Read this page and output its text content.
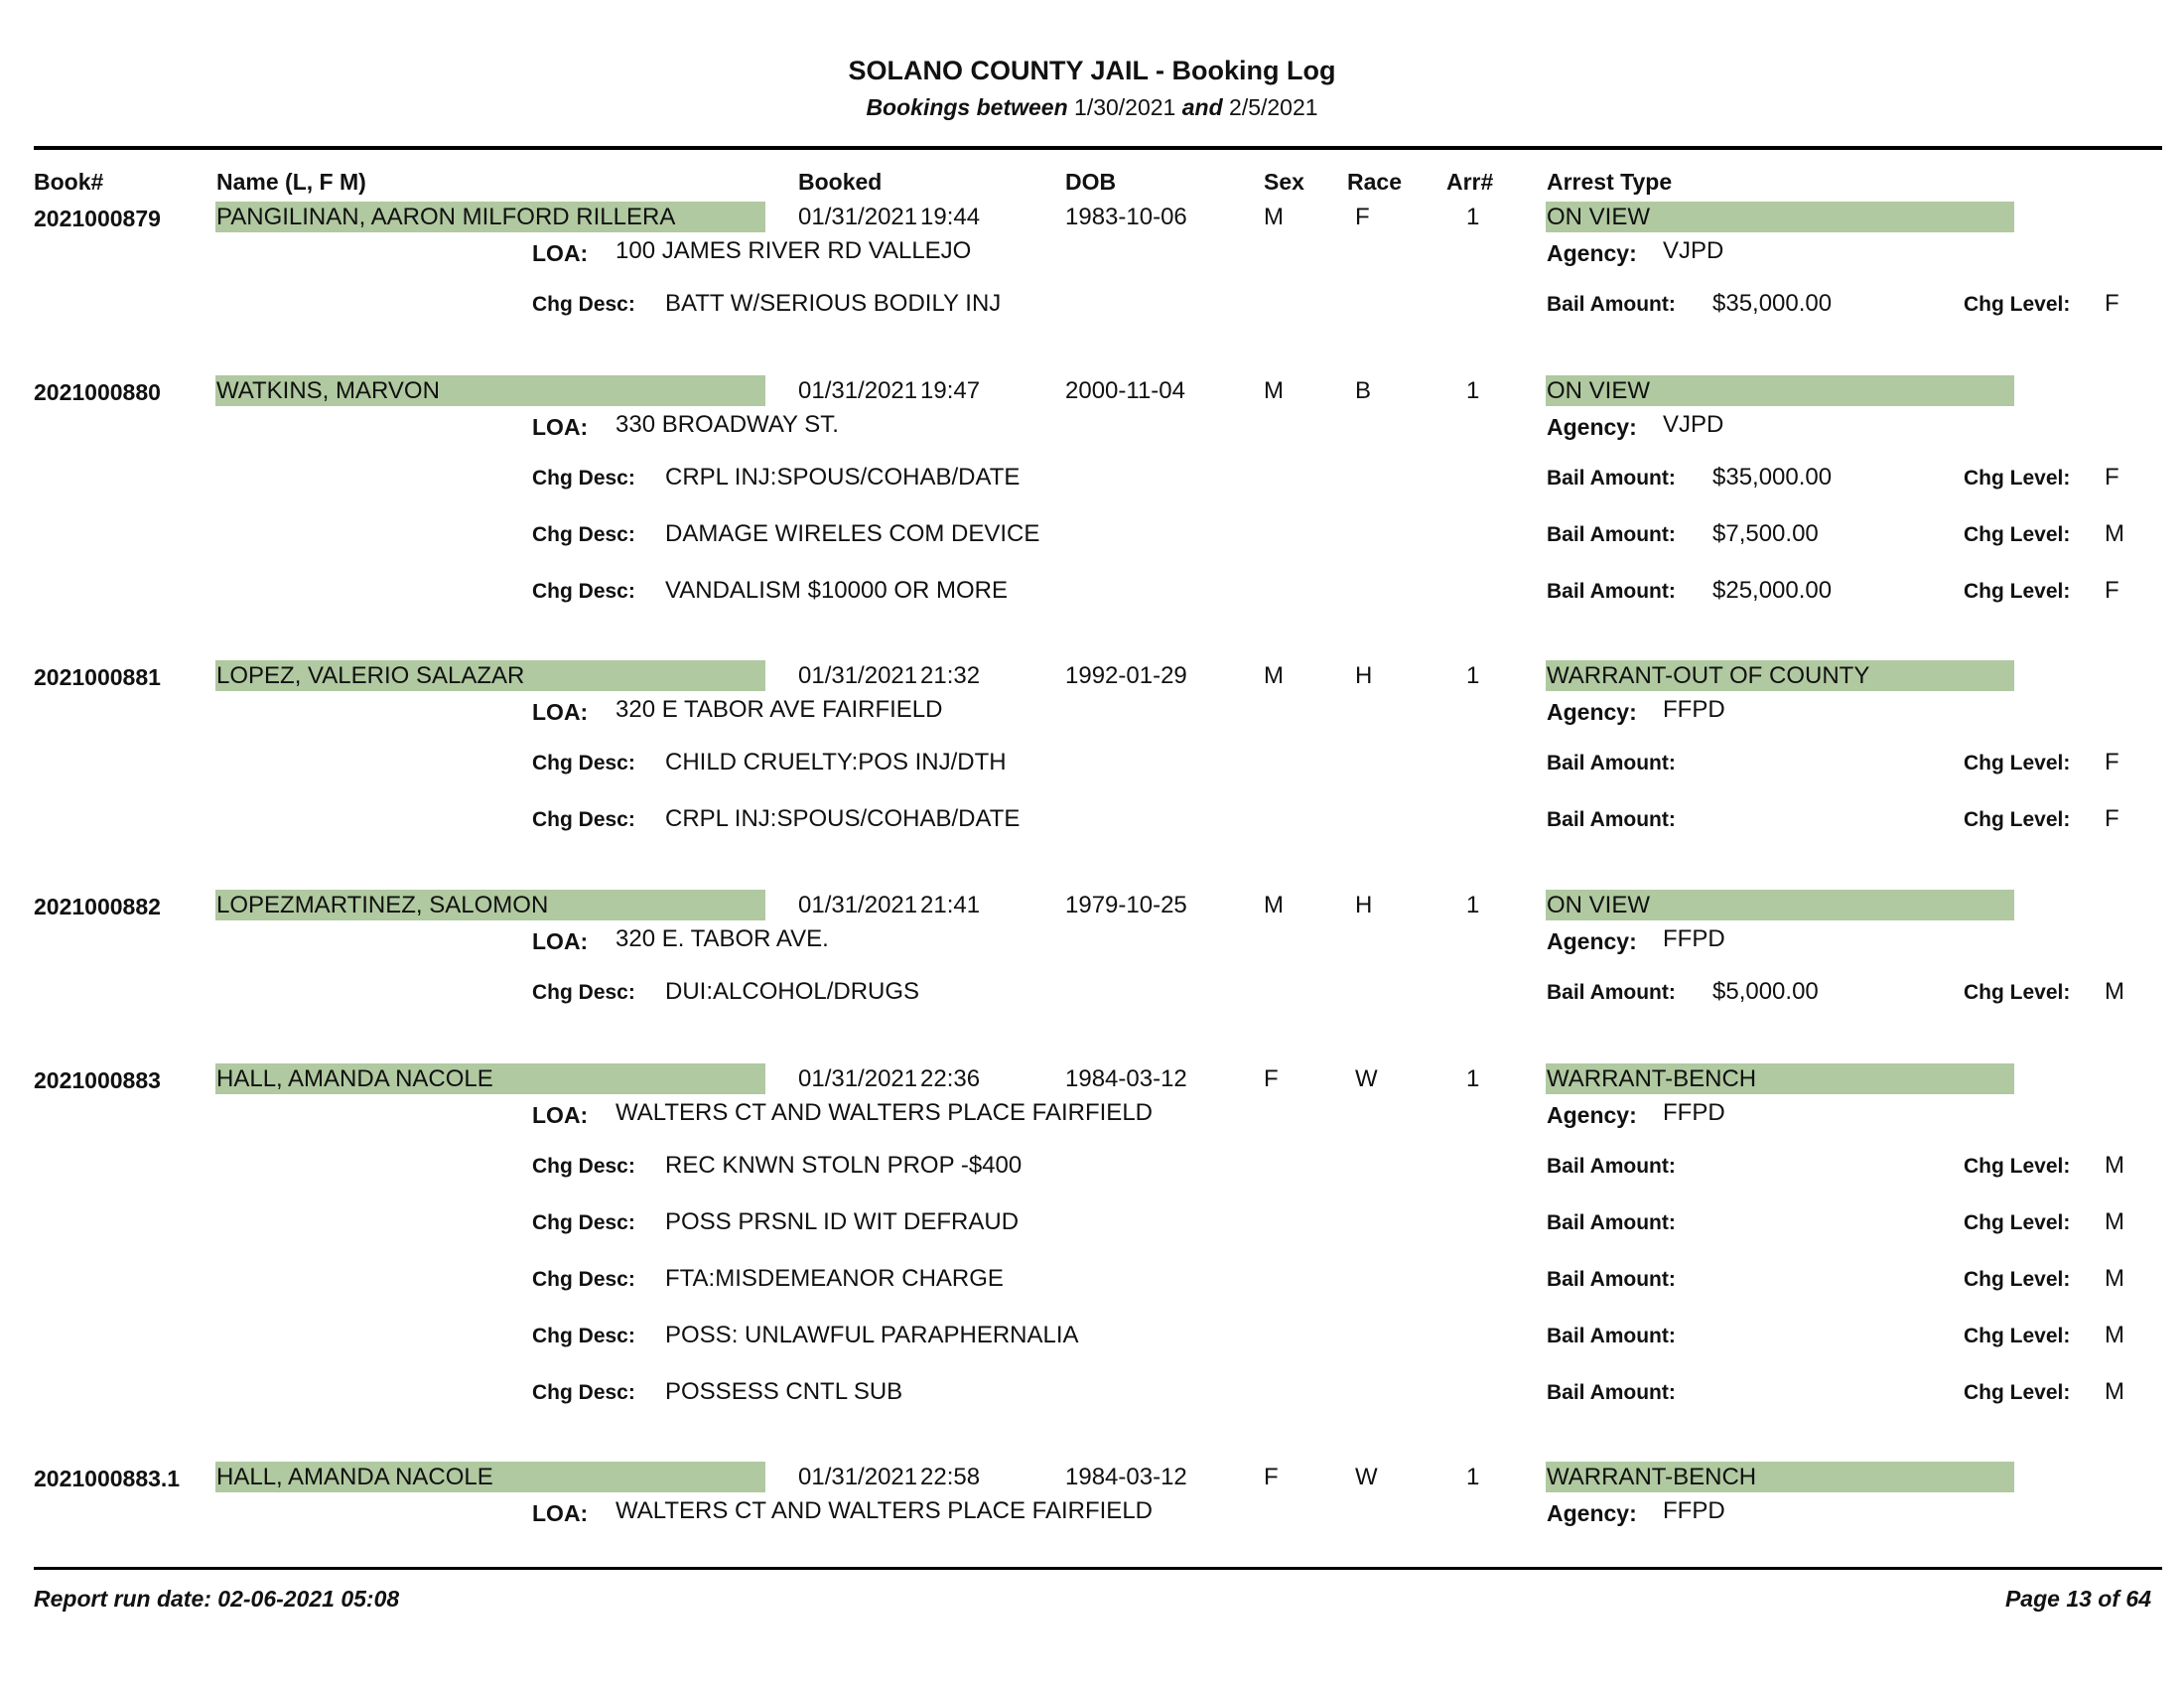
SOLANO COUNTY JAIL - Booking Log
Bookings between 1/30/2021 and 2/5/2021
Book#	Name (L, F M)	Booked	DOB	Sex Race Arr# Arrest Type
2021000879 PANGILINAN, AARON MILFORD RILLERA	01/31/2021 19:44	1983-10-06	M	F	1	ON VIEW
LOA: 100 JAMES RIVER RD VALLEJO	Agency: VJPD
Chg Desc: BATT W/SERIOUS BODILY INJ	Bail Amount: $35,000.00	Chg Level: F
2021000880 WATKINS, MARVON	01/31/2021 19:47	2000-11-04	M	B	1	ON VIEW
LOA: 330 BROADWAY ST.	Agency: VJPD
Chg Desc: CRPL INJ:SPOUS/COHAB/DATE	Bail Amount: $35,000.00	Chg Level: F
Chg Desc: DAMAGE WIRELES COM DEVICE	Bail Amount: $7,500.00	Chg Level: M
Chg Desc: VANDALISM $10000 OR MORE	Bail Amount: $25,000.00	Chg Level: F
2021000881 LOPEZ, VALERIO SALAZAR	01/31/2021 21:32	1992-01-29	M	H	1	WARRANT-OUT OF COUNTY
LOA: 320 E TABOR AVE FAIRFIELD	Agency: FFPD
Chg Desc: CHILD CRUELTY:POS INJ/DTH	Bail Amount:	Chg Level: F
Chg Desc: CRPL INJ:SPOUS/COHAB/DATE	Bail Amount:	Chg Level: F
2021000882 LOPEZMARTINEZ, SALOMON	01/31/2021 21:41	1979-10-25	M	H	1	ON VIEW
LOA: 320 E. TABOR AVE.	Agency: FFPD
Chg Desc: DUI:ALCOHOL/DRUGS	Bail Amount: $5,000.00	Chg Level: M
2021000883 HALL, AMANDA NACOLE	01/31/2021 22:36	1984-03-12	F	W	1	WARRANT-BENCH
LOA: WALTERS CT AND WALTERS PLACE FAIRFIELD	Agency: FFPD
Chg Desc: REC KNWN STOLN PROP -$400	Bail Amount:	Chg Level: M
Chg Desc: POSS PRSNL ID WIT DEFRAUD	Bail Amount:	Chg Level: M
Chg Desc: FTA:MISDEMEANOR CHARGE	Bail Amount:	Chg Level: M
Chg Desc: POSS: UNLAWFUL PARAPHERNALIA	Bail Amount:	Chg Level: M
Chg Desc: POSSESS CNTL SUB	Bail Amount:	Chg Level: M
2021000883.1 HALL, AMANDA NACOLE	01/31/2021 22:58	1984-03-12	F	W	1	WARRANT-BENCH
LOA: WALTERS CT AND WALTERS PLACE FAIRFIELD	Agency: FFPD
Report run date: 02-06-2021 05:08	Page 13 of 64
